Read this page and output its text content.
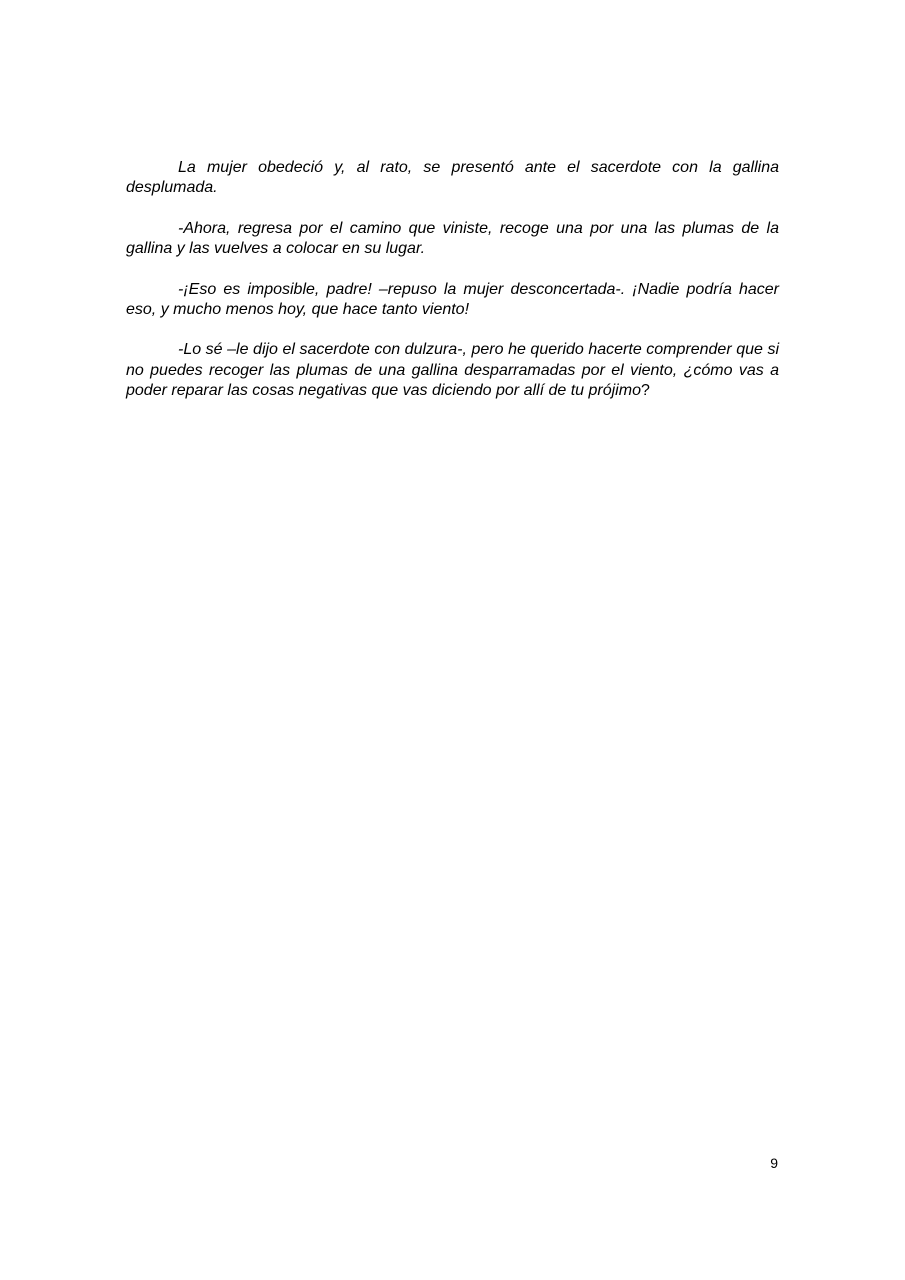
La mujer obedeció y, al rato, se presentó ante el sacerdote con la gallina desplumada.

-Ahora, regresa por el camino que viniste, recoge una por una las plumas de la gallina y las vuelves a colocar en su lugar.

-¡Eso es imposible, padre! –repuso la mujer desconcertada-. ¡Nadie podría hacer eso, y mucho menos hoy, que hace tanto viento!

-Lo sé –le dijo el sacerdote con dulzura-, pero he querido hacerte comprender que si no puedes recoger las plumas de una gallina desparramadas por el viento, ¿cómo vas a poder reparar las cosas negativas que vas diciendo por allí de tu prójimo?

9
